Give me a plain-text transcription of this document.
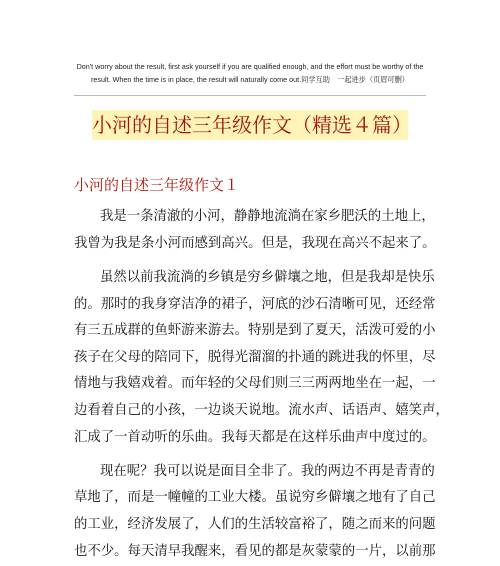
Don't worry about the result, first ask yourself if you are qualified enough, and the effort must be worthy of the
result. When the time is in place, the result will naturally come out.同学互助　一起进步（页眉可删）
小河的自述三年级作文（精选４篇）
小河的自述三年级作文１
我是一条清澈的小河，静静地流淌在家乡肥沃的土地上，
我曾为我是条小河而感到高兴。但是，我现在高兴不起来了。
虽然以前我流淌的乡镇是穷乡僻壤之地，但是我却是快乐
的。那时的我身穿洁净的裙子，河底的沙石清晰可见，还经常
有三五成群的鱼虾游来游去。特别是到了夏天，活泼可爱的小
孩子在父母的陪同下，脱得光溜溜的扑通的跳进我的怀里，尽
情地与我嬉戏着。而年轻的父母们则三三两两地坐在一起，一
边看着自己的小孩，一边谈天说地。流水声、话语声、嬉笑声，
汇成了一首动听的乐曲。我每天都是在这样乐曲声中度过的。
现在呢？我可以说是面目全非了。我的两边不再是青青的
草地了，而是一幢幢的工业大楼。虽说穷乡僻壤之地有了自己
的工业，经济发展了，人们的生活较富裕了，随之而来的问题
也不少。每天清早我醒来，看见的都是灰蒙蒙的一片，以前那
